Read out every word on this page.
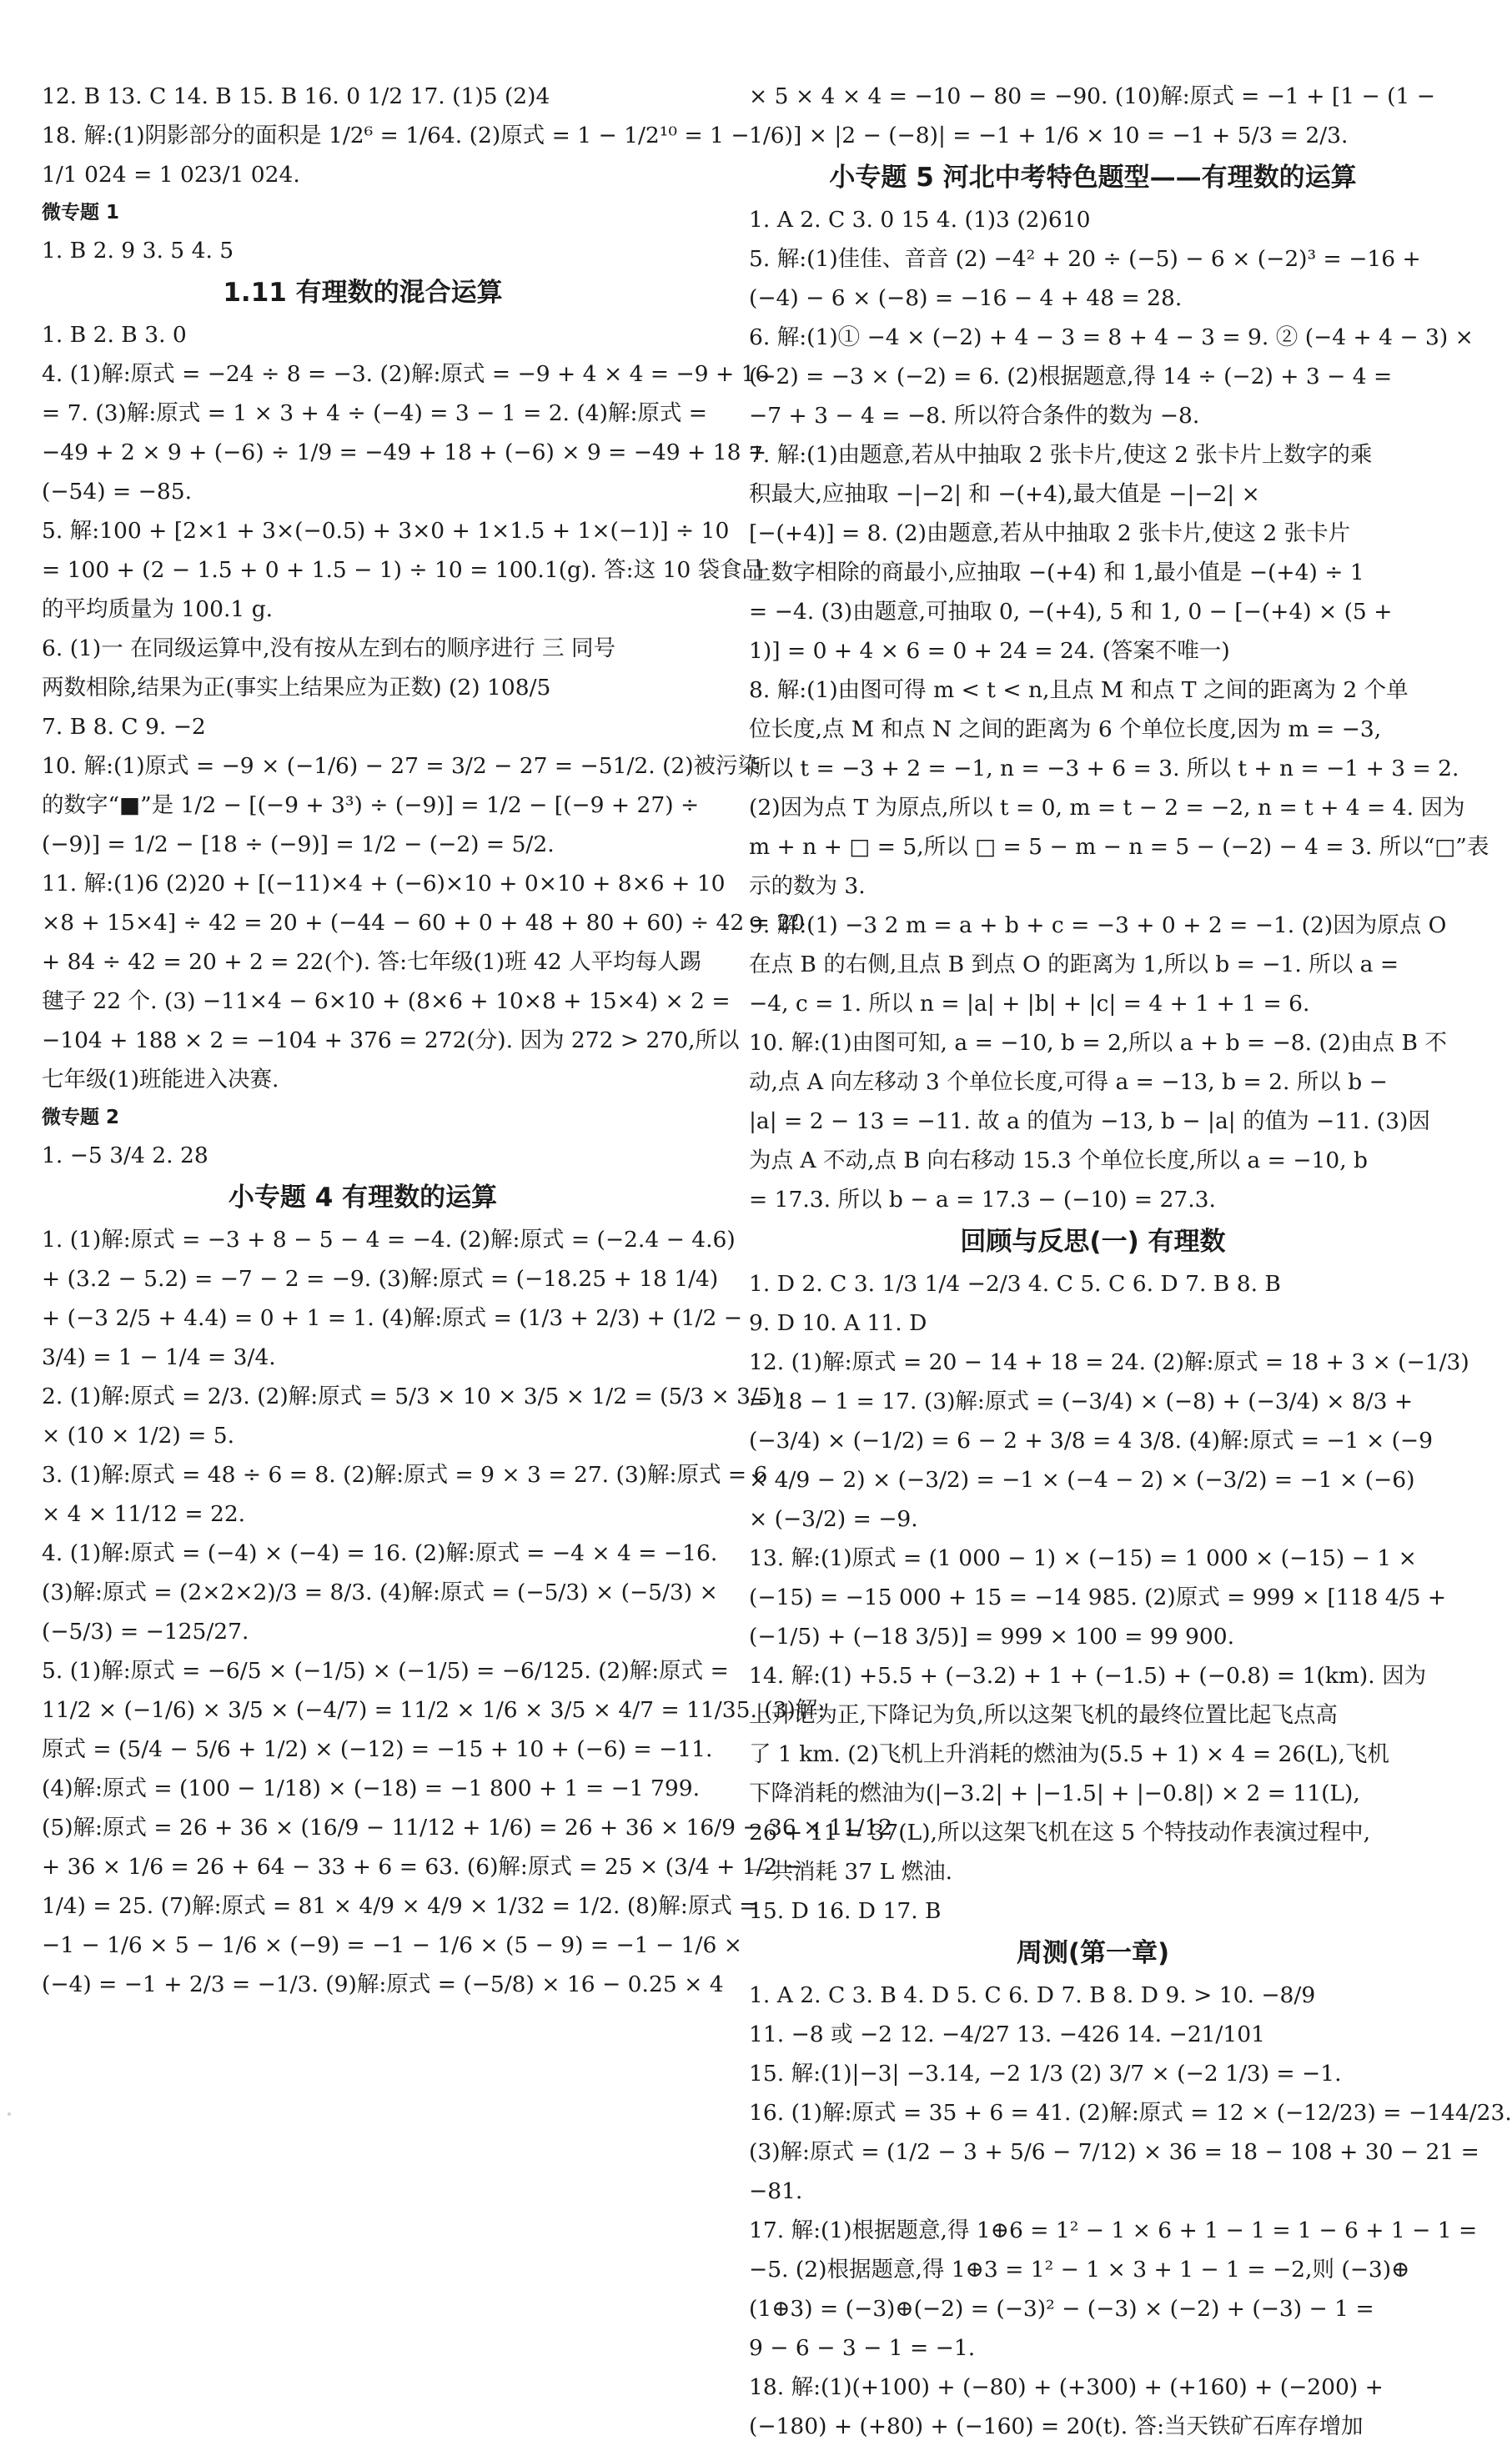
12. B 13. C 14. B 15. B 16. 0 1/2 17. (1)5 (2)4
18. 解:(1)阴影部分的面积是 1/2⁶ = 1/64. (2)原式 = 1 − 1/2¹⁰ = 1 −
1/1 024 = 1 023/1 024.
微专题 1
1. B 2. 9 3. 5 4. 5
1.11 有理数的混合运算
1. B 2. B 3. 0
4. (1)解:原式 = −24 ÷ 8 = −3. (2)解:原式 = −9 + 4 × 4 = −9 + 16
= 7. (3)解:原式 = 1 × 3 + 4 ÷ (−4) = 3 − 1 = 2. (4)解:原式 =
−49 + 2 × 9 + (−6) ÷ 1/9 = −49 + 18 + (−6) × 9 = −49 + 18 +
(−54) = −85.
5. 解:100 + [2×1 + 3×(−0.5) + 3×0 + 1×1.5 + 1×(−1)] ÷ 10
= 100 + (2 − 1.5 + 0 + 1.5 − 1) ÷ 10 = 100.1(g). 答:这 10 袋食品
的平均质量为 100.1 g.
6. (1)一 在同级运算中,没有按从左到右的顺序进行 三 同号
两数相除,结果为正(事实上结果应为正数) (2) 108/5
7. B 8. C 9. −2
10. 解:(1)原式 = −9 × (−1/6) − 27 = 3/2 − 27 = −51/2. (2)被污染
的数字“■”是 1/2 − [(−9 + 3³) ÷ (−9)] = 1/2 − [(−9 + 27) ÷
(−9)] = 1/2 − [18 ÷ (−9)] = 1/2 − (−2) = 5/2.
11. 解:(1)6 (2)20 + [(−11)×4 + (−6)×10 + 0×10 + 8×6 + 10
×8 + 15×4] ÷ 42 = 20 + (−44 − 60 + 0 + 48 + 80 + 60) ÷ 42 = 20
+ 84 ÷ 42 = 20 + 2 = 22(个). 答:七年级(1)班 42 人平均每人踢
毽子 22 个. (3) −11×4 − 6×10 + (8×6 + 10×8 + 15×4) × 2 =
−104 + 188 × 2 = −104 + 376 = 272(分). 因为 272 > 270,所以
七年级(1)班能进入决赛.
微专题 2
1. −5 3/4 2. 28
小专题 4 有理数的运算
1. (1)解:原式 = −3 + 8 − 5 − 4 = −4. (2)解:原式 = (−2.4 − 4.6)
+ (3.2 − 5.2) = −7 − 2 = −9. (3)解:原式 = (−18.25 + 18 1/4)
+ (−3 2/5 + 4.4) = 0 + 1 = 1. (4)解:原式 = (1/3 + 2/3) + (1/2 −
3/4) = 1 − 1/4 = 3/4.
2. (1)解:原式 = 2/3. (2)解:原式 = 5/3 × 10 × 3/5 × 1/2 = (5/3 × 3/5)
× (10 × 1/2) = 5.
3. (1)解:原式 = 48 ÷ 6 = 8. (2)解:原式 = 9 × 3 = 27. (3)解:原式 = 6
× 4 × 11/12 = 22.
4. (1)解:原式 = (−4) × (−4) = 16. (2)解:原式 = −4 × 4 = −16.
(3)解:原式 = (2×2×2)/3 = 8/3. (4)解:原式 = (−5/3) × (−5/3) ×
(−5/3) = −125/27.
5. (1)解:原式 = −6/5 × (−1/5) × (−1/5) = −6/125. (2)解:原式 =
11/2 × (−1/6) × 3/5 × (−4/7) = 11/2 × 1/6 × 3/5 × 4/7 = 11/35. (3)解:
原式 = (5/4 − 5/6 + 1/2) × (−12) = −15 + 10 + (−6) = −11.
(4)解:原式 = (100 − 1/18) × (−18) = −1 800 + 1 = −1 799.
(5)解:原式 = 26 + 36 × (16/9 − 11/12 + 1/6) = 26 + 36 × 16/9 − 36 × 11/12
+ 36 × 1/6 = 26 + 64 − 33 + 6 = 63. (6)解:原式 = 25 × (3/4 + 1/2 −
1/4) = 25. (7)解:原式 = 81 × 4/9 × 4/9 × 1/32 = 1/2. (8)解:原式 =
−1 − 1/6 × 5 − 1/6 × (−9) = −1 − 1/6 × (5 − 9) = −1 − 1/6 ×
(−4) = −1 + 2/3 = −1/3. (9)解:原式 = (−5/8) × 16 − 0.25 × 4
× 5 × 4 × 4 = −10 − 80 = −90. (10)解:原式 = −1 + [1 − (1 −
1/6)] × |2 − (−8)| = −1 + 1/6 × 10 = −1 + 5/3 = 2/3.
小专题 5 河北中考特色题型——有理数的运算
1. A 2. C 3. 0 15 4. (1)3 (2)610
5. 解:(1)佳佳、音音 (2) −4² + 20 ÷ (−5) − 6 × (−2)³ = −16 +
(−4) − 6 × (−8) = −16 − 4 + 48 = 28.
6. 解:(1)① −4 × (−2) + 4 − 3 = 8 + 4 − 3 = 9. ② (−4 + 4 − 3) ×
(−2) = −3 × (−2) = 6. (2)根据题意,得 14 ÷ (−2) + 3 − 4 =
−7 + 3 − 4 = −8. 所以符合条件的数为 −8.
7. 解:(1)由题意,若从中抽取 2 张卡片,使这 2 张卡片上数字的乘
积最大,应抽取 −|−2| 和 −(+4),最大值是 −|−2| ×
[−(+4)] = 8. (2)由题意,若从中抽取 2 张卡片,使这 2 张卡片
上数字相除的商最小,应抽取 −(+4) 和 1,最小值是 −(+4) ÷ 1
= −4. (3)由题意,可抽取 0, −(+4), 5 和 1, 0 − [−(+4) × (5 +
1)] = 0 + 4 × 6 = 0 + 24 = 24. (答案不唯一)
8. 解:(1)由图可得 m < t < n,且点 M 和点 T 之间的距离为 2 个单
位长度,点 M 和点 N 之间的距离为 6 个单位长度,因为 m = −3,
所以 t = −3 + 2 = −1, n = −3 + 6 = 3. 所以 t + n = −1 + 3 = 2.
(2)因为点 T 为原点,所以 t = 0, m = t − 2 = −2, n = t + 4 = 4. 因为
m + n + □ = 5,所以 □ = 5 − m − n = 5 − (−2) − 4 = 3. 所以“□”表
示的数为 3.
9. 解:(1) −3 2 m = a + b + c = −3 + 0 + 2 = −1. (2)因为原点 O
在点 B 的右侧,且点 B 到点 O 的距离为 1,所以 b = −1. 所以 a =
−4, c = 1. 所以 n = |a| + |b| + |c| = 4 + 1 + 1 = 6.
10. 解:(1)由图可知, a = −10, b = 2,所以 a + b = −8. (2)由点 B 不
动,点 A 向左移动 3 个单位长度,可得 a = −13, b = 2. 所以 b −
|a| = 2 − 13 = −11. 故 a 的值为 −13, b − |a| 的值为 −11. (3)因
为点 A 不动,点 B 向右移动 15.3 个单位长度,所以 a = −10, b
= 17.3. 所以 b − a = 17.3 − (−10) = 27.3.
回顾与反思(一) 有理数
1. D 2. C 3. 1/3 1/4 −2/3 4. C 5. C 6. D 7. B 8. B
9. D 10. A 11. D
12. (1)解:原式 = 20 − 14 + 18 = 24. (2)解:原式 = 18 + 3 × (−1/3)
= 18 − 1 = 17. (3)解:原式 = (−3/4) × (−8) + (−3/4) × 8/3 +
(−3/4) × (−1/2) = 6 − 2 + 3/8 = 4 3/8. (4)解:原式 = −1 × (−9
× 4/9 − 2) × (−3/2) = −1 × (−4 − 2) × (−3/2) = −1 × (−6)
× (−3/2) = −9.
13. 解:(1)原式 = (1 000 − 1) × (−15) = 1 000 × (−15) − 1 ×
(−15) = −15 000 + 15 = −14 985. (2)原式 = 999 × [118 4/5 +
(−1/5) + (−18 3/5)] = 999 × 100 = 99 900.
14. 解:(1) +5.5 + (−3.2) + 1 + (−1.5) + (−0.8) = 1(km). 因为
上升记为正,下降记为负,所以这架飞机的最终位置比起飞点高
了 1 km. (2)飞机上升消耗的燃油为(5.5 + 1) × 4 = 26(L),飞机
下降消耗的燃油为(|−3.2| + |−1.5| + |−0.8|) × 2 = 11(L),
26 + 11 = 37(L),所以这架飞机在这 5 个特技动作表演过程中,
一共消耗 37 L 燃油.
15. D 16. D 17. B
周测(第一章)
1. A 2. C 3. B 4. D 5. C 6. D 7. B 8. D 9. > 10. −8/9
11. −8 或 −2 12. −4/27 13. −426 14. −21/101
15. 解:(1)|−3| −3.14, −2 1/3 (2) 3/7 × (−2 1/3) = −1.
16. (1)解:原式 = 35 + 6 = 41. (2)解:原式 = 12 × (−12/23) = −144/23.
(3)解:原式 = (1/2 − 3 + 5/6 − 7/12) × 36 = 18 − 108 + 30 − 21 =
−81.
17. 解:(1)根据题意,得 1⊕6 = 1² − 1 × 6 + 1 − 1 = 1 − 6 + 1 − 1 =
−5. (2)根据题意,得 1⊕3 = 1² − 1 × 3 + 1 − 1 = −2,则 (−3)⊕
(1⊕3) = (−3)⊕(−2) = (−3)² − (−3) × (−2) + (−3) − 1 =
9 − 6 − 3 − 1 = −1.
18. 解:(1)(+100) + (−80) + (+300) + (+160) + (−200) +
(−180) + (+80) + (−160) = 20(t). 答:当天铁矿石库存增加
